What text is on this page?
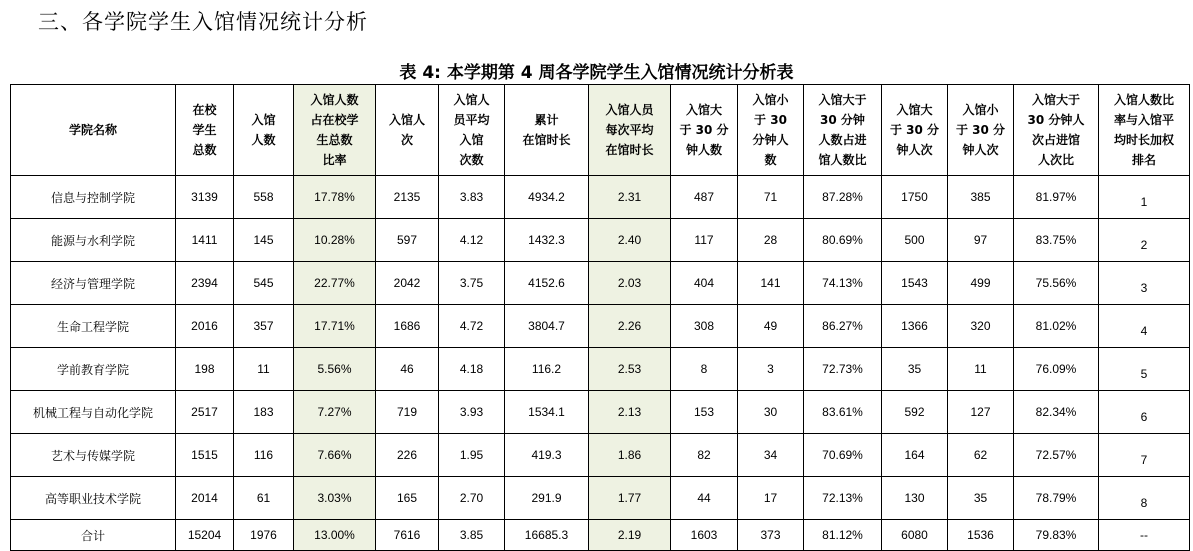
三、各学院学生入馆情况统计分析
表 4: 本学期第 4 周各学院学生入馆情况统计分析表
学院名称	在校
学生
总数	入馆
人数	入馆人数
占在校学
生总数
比率	入馆人
次	入馆人
员平均
入馆
次数	累计
在馆时长	入馆人员
每次平均
在馆时长	入馆大
于 30 分
钟人数	入馆小
于 30
分钟人
数	入馆大于
30 分钟
人数占进
馆人数比	入馆大
于 30 分
钟人次	入馆小
于 30 分
钟人次	入馆大于
30 分钟人
次占进馆
人次比	入馆人数比
率与入馆平
均时长加权
排名
信息与控制学院	3139	558	17.78%	2135	3.83	4934.2	2.31	487	71	87.28%	1750	385	81.97%	1
能源与水利学院	1411	145	10.28%	597	4.12	1432.3	2.40	117	28	80.69%	500	97	83.75%	2
经济与管理学院	2394	545	22.77%	2042	3.75	4152.6	2.03	404	141	74.13%	1543	499	75.56%	3
生命工程学院	2016	357	17.71%	1686	4.72	3804.7	2.26	308	49	86.27%	1366	320	81.02%	4
学前教育学院	198	11	5.56%	46	4.18	116.2	2.53	8	3	72.73%	35	11	76.09%	5
机械工程与自动化学院	2517	183	7.27%	719	3.93	1534.1	2.13	153	30	83.61%	592	127	82.34%	6
艺术与传媒学院	1515	116	7.66%	226	1.95	419.3	1.86	82	34	70.69%	164	62	72.57%	7
高等职业技术学院	2014	61	3.03%	165	2.70	291.9	1.77	44	17	72.13%	130	35	78.79%	8
合计	15204	1976	13.00%	7616	3.85	16685.3	2.19	1603	373	81.12%	6080	1536	79.83%	--
